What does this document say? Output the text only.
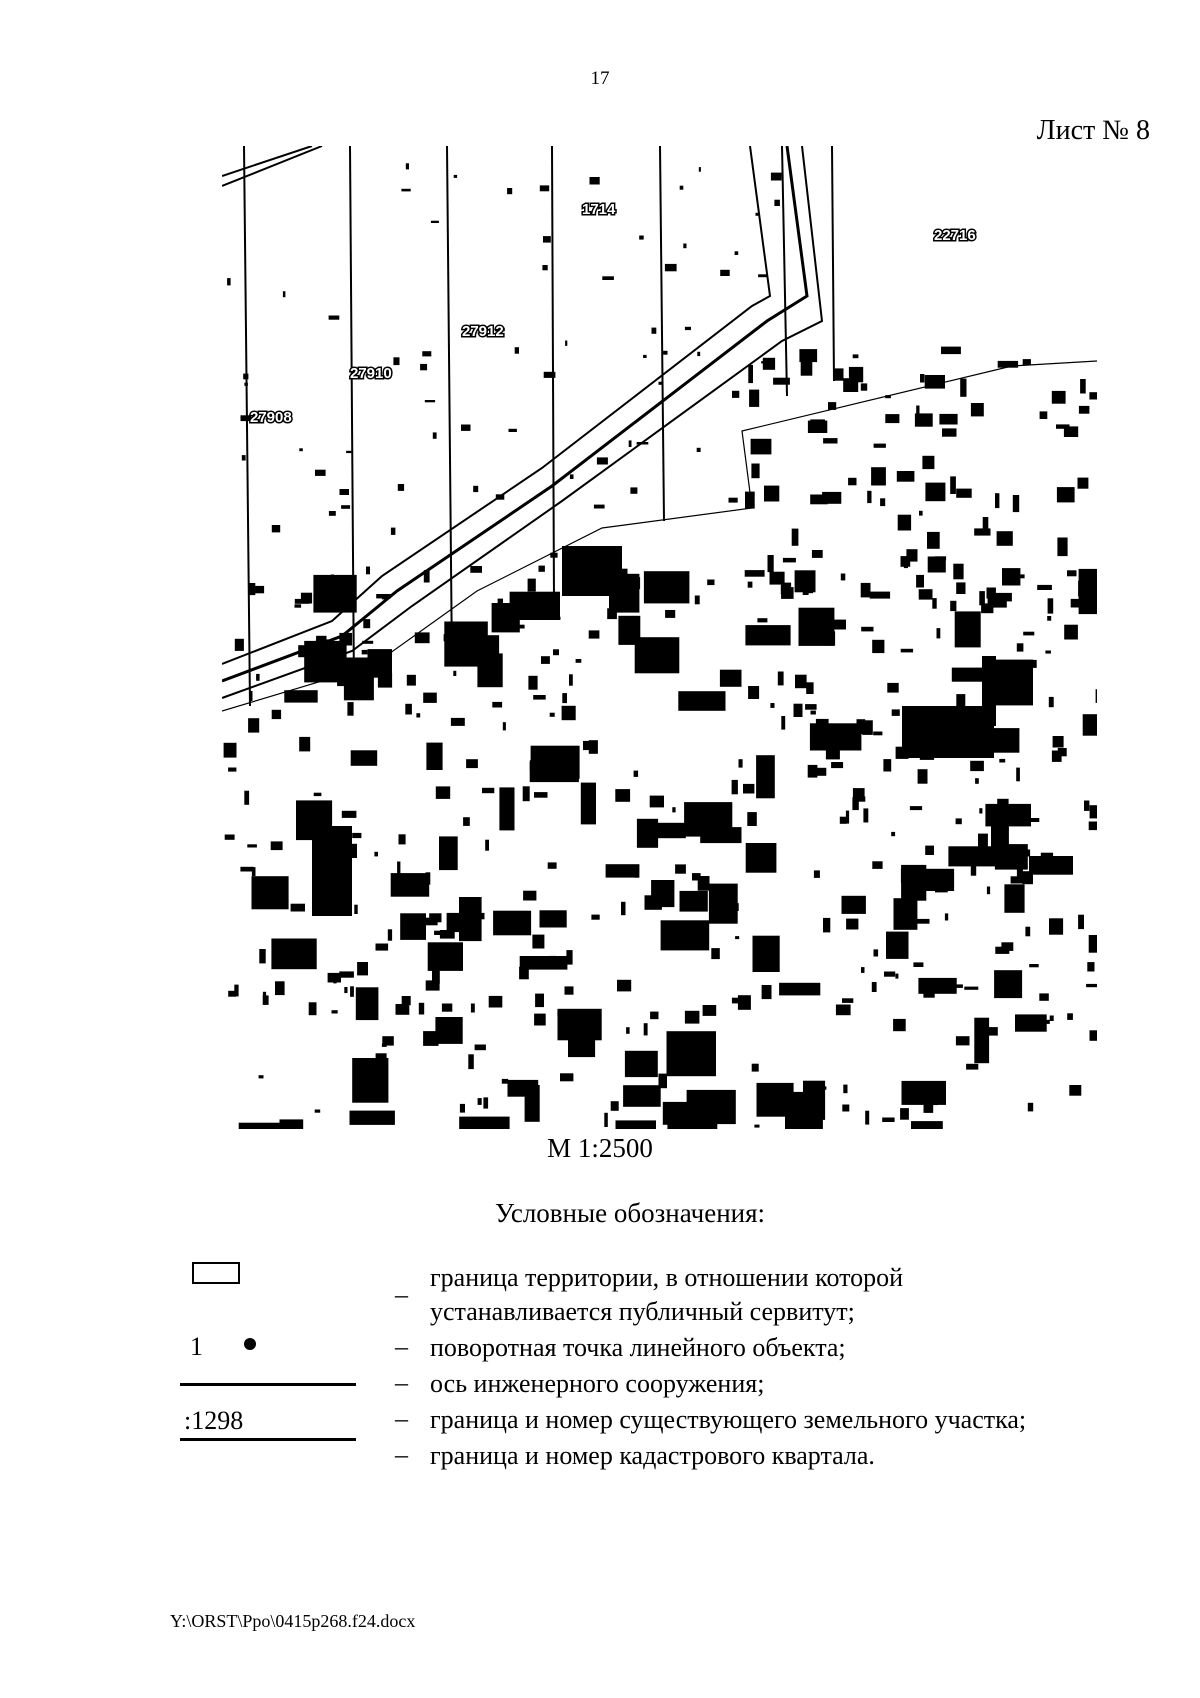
17
Лист № 8
1714
22716
27912
27910
27908
М 1:2500
Условные обозначения:
1
:1298
–
–
–
–
–
граница территории, в отношении которой
устанавливается публичный сервитут;
поворотная точка линейного объекта;
ось инженерного сооружения;
граница и номер существующего земельного участка;
граница и номер кадастрового квартала.
Y:\ORST\Ppo\0415p268.f24.docx
